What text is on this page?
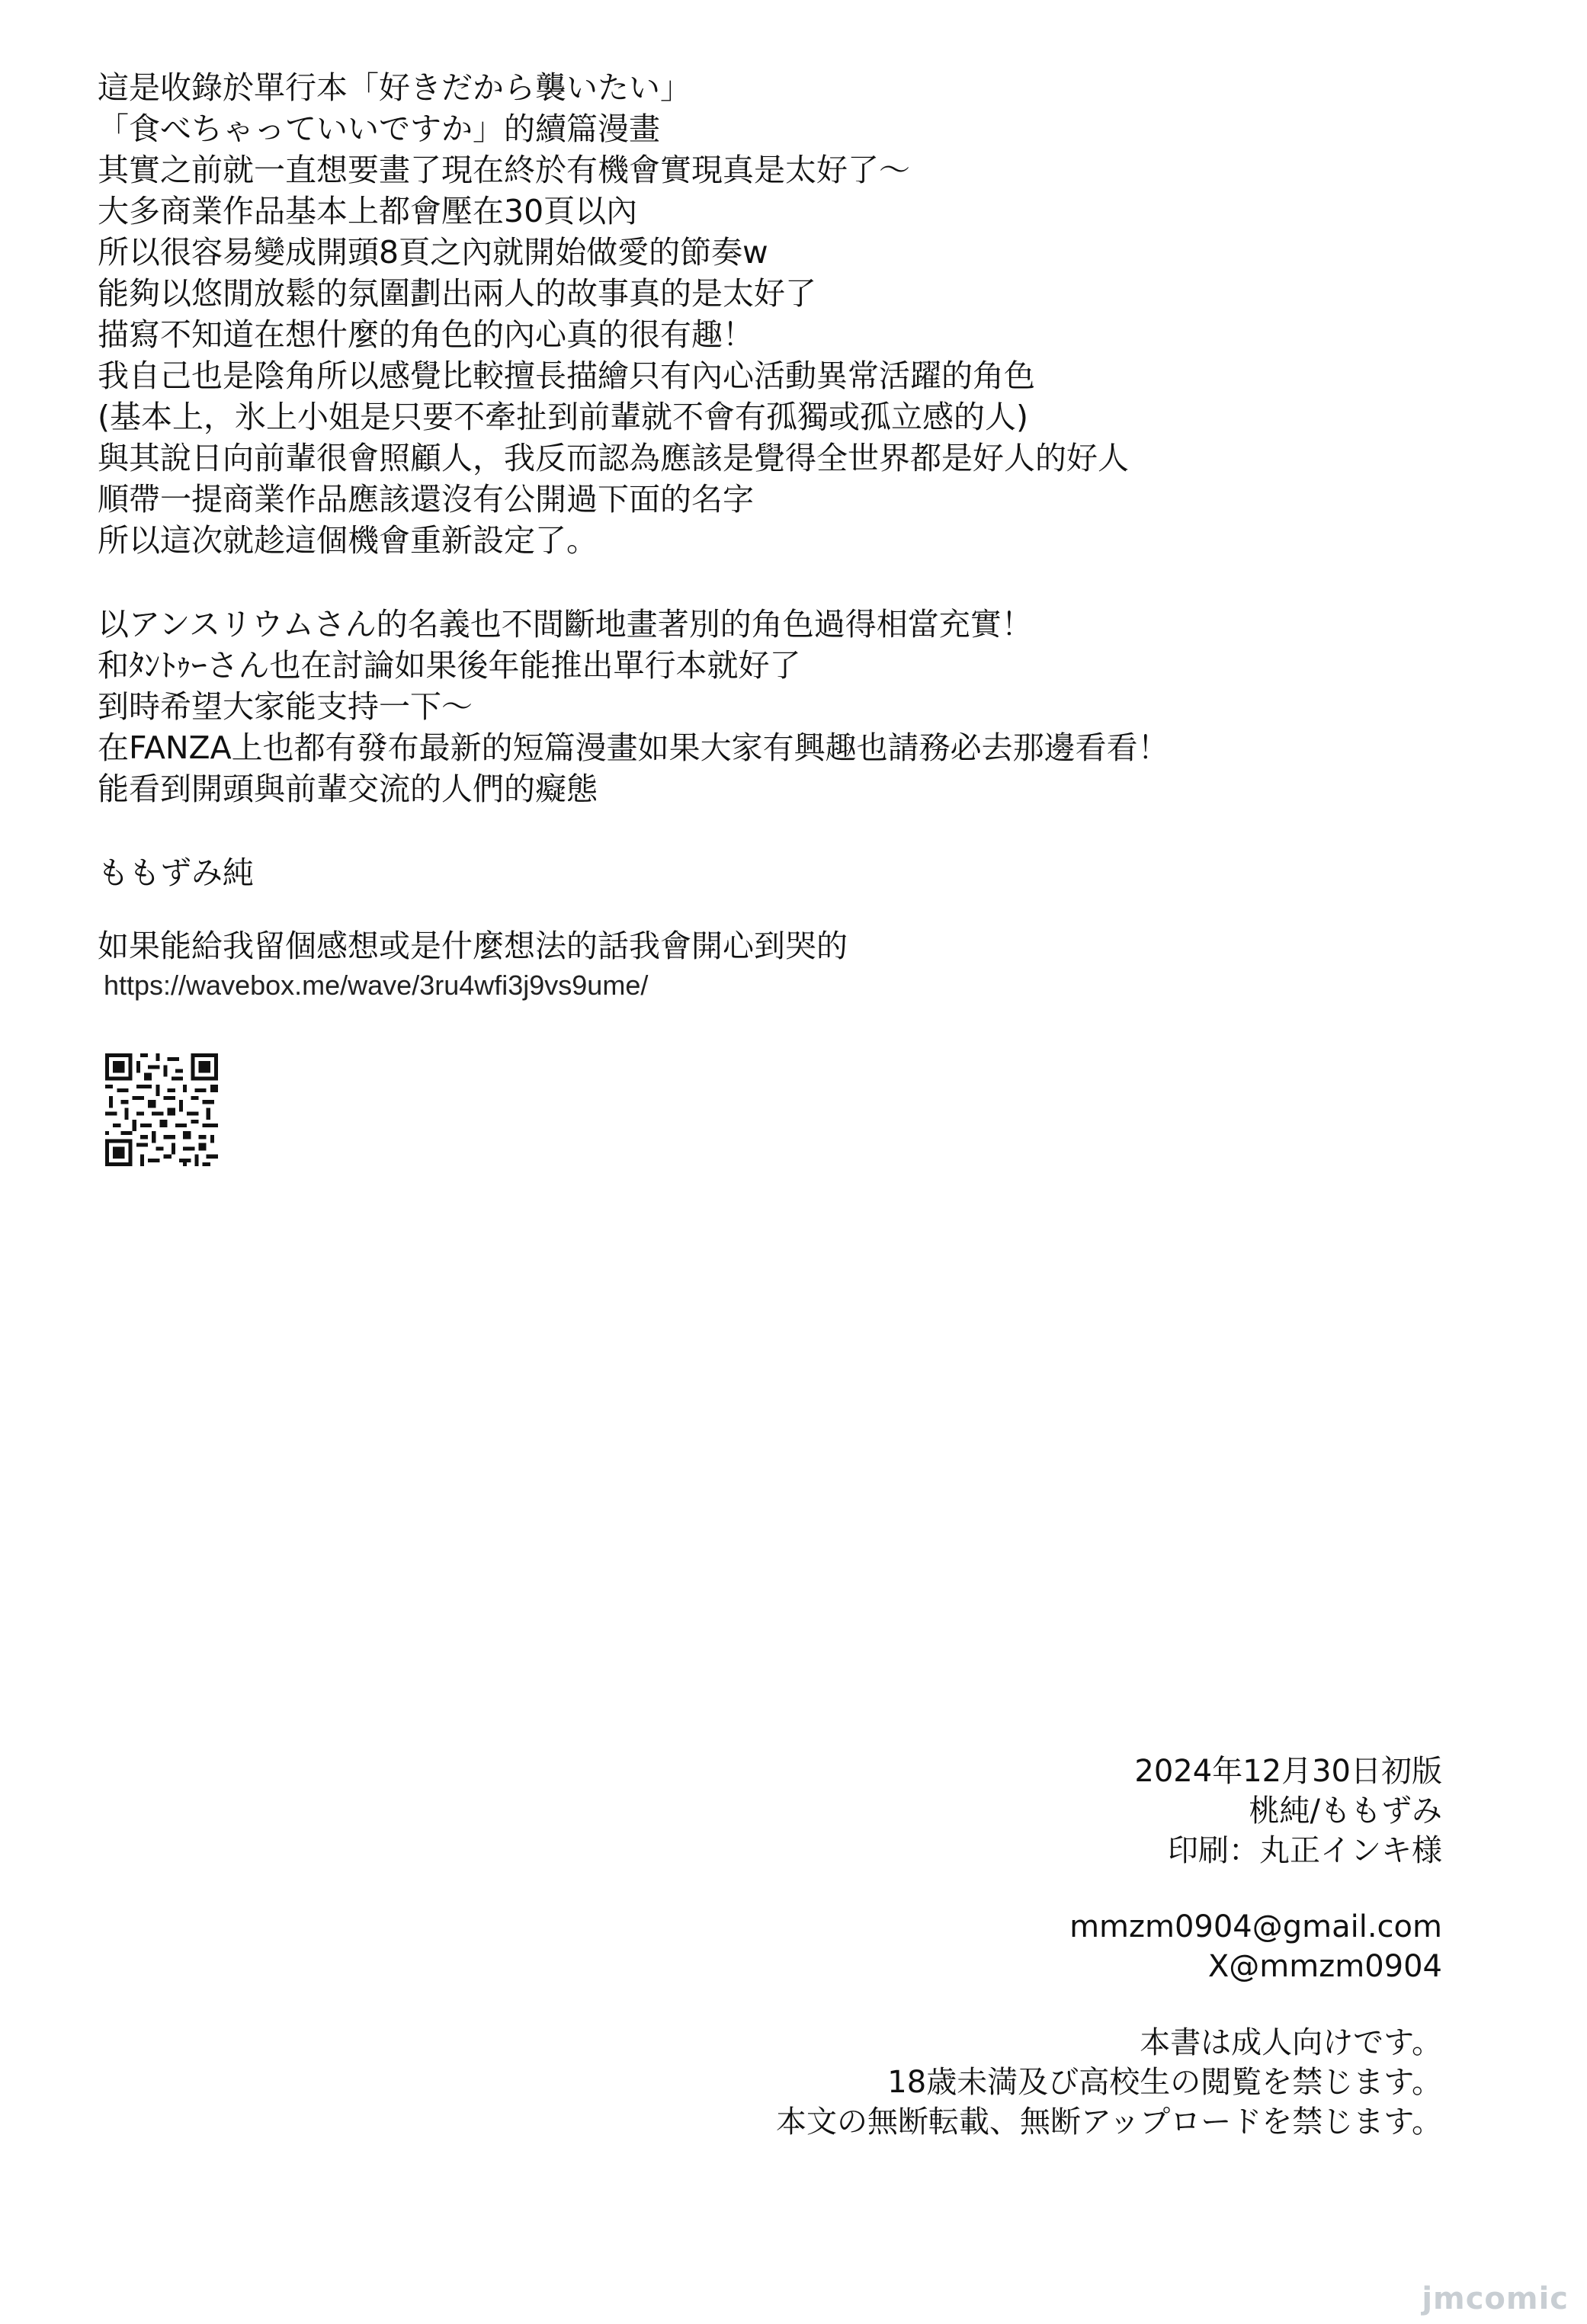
這是收錄於單行本「好きだから襲いたい」
「食べちゃっていいですか」的續篇漫畫
其實之前就一直想要畫了現在終於有機會實現真是太好了～
大多商業作品基本上都會壓在30頁以內
所以很容易變成開頭8頁之內就開始做愛的節奏w
能夠以悠閒放鬆的氛圍劃出兩人的故事真的是太好了
描寫不知道在想什麼的角色的內心真的很有趣！
我自己也是陰角所以感覺比較擅長描繪只有內心活動異常活躍的角色
(基本上，氷上小姐是只要不牽扯到前輩就不會有孤獨或孤立感的人)
與其說日向前輩很會照顧人，我反而認為應該是覺得全世界都是好人的好人
順帶一提商業作品應該還沒有公開過下面的名字
所以這次就趁這個機會重新設定了。
以アンスリウムさん的名義也不間斷地畫著別的角色過得相當充實！
和ﾀﾝﾄｩｰさん也在討論如果後年能推出單行本就好了
到時希望大家能支持一下～
在FANZA上也都有發布最新的短篇漫畫如果大家有興趣也請務必去那邊看看！
能看到開頭與前輩交流的人們的癡態
ももずみ純
如果能給我留個感想或是什麼想法的話我會開心到哭的
https://wavebox.me/wave/3ru4wfi3j9vs9ume/
2024年12月30日初版
桃純/ももずみ
印刷：丸正インキ様
mmzm0904@gmail.com
X@mmzm0904
本書は成人向けです。
18歳未満及び高校生の閲覧を禁じます。
本文の無断転載、無断アップロードを禁じます。
jmcomic
